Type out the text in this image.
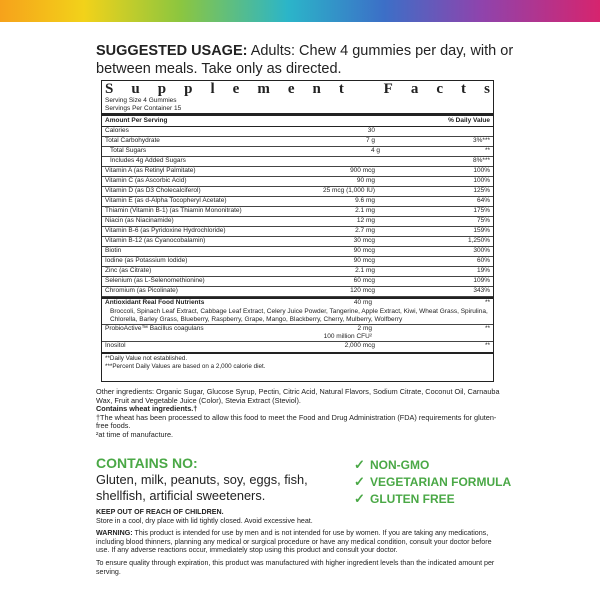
SUGGESTED USAGE: Adults: Chew 4 gummies per day, with or between meals. Take only as directed.
S u p p l e m e n t
	F a c t s
Serving Size 4 Gummies
Servings Per Container 15
Amount Per Serving	% Daily Value
Calories	30
Total Carbohydrate	7 g	3%***
Total Sugars	4 g	**
Includes 4g Added Sugars	8%***
Vitamin A (as Retinyl Palmitate)	900 mcg	100%
Vitamin C (as Ascorbic Acid)	90 mg	100%
Vitamin D (as D3 Cholecalciferol)	25 mcg (1,000 IU)	125%
Vitamin E (as d-Alpha Tocopheryl Acetate)	9.6 mg	64%
Thiamin (Vitamin B-1) (as Thiamin Mononitrate)	2.1 mg	175%
Niacin (as Niacinamide)	12 mg	75%
Vitamin B-6 (as Pyridoxine Hydrochloride)	2.7 mg	159%
Vitamin B-12 (as Cyanocobalamin)	30 mcg	1,250%
Biotin	90 mcg	300%
Iodine (as Potassium Iodide)	90 mcg	60%
Zinc (as Citrate)	2.1 mg	19%
Selenium (as L-Selenomethionine)	60 mcg	109%
Chromium (as Picolinate)	120 mcg	343%
Antioxidant Real Food Nutrients	40 mg	**
Broccoli, Spinach Leaf Extract, Cabbage Leaf Extract, Celery Juice Powder, Tangerine, Apple Extract, Kiwi, Wheat Grass, Spirulina, Chlorella, Barley Grass, Blueberry, Raspberry, Grape, Mango, Blackberry, Cherry, Mulberry, Wolfberry
ProbioActive™ Bacillus coagulans	2 mg	**
100 million CFU²
Inositol	2,000 mcg	**
**Daily Value not established.
***Percent Daily Values are based on a 2,000 calorie diet.
Other ingredients: Organic Sugar, Glucose Syrup, Pectin, Citric Acid, Natural Flavors, Sodium Citrate, Coconut Oil, Carnauba Wax, Fruit and Vegetable Juice (Color), Stevia Extract (Steviol).
Contains wheat ingredients.†
†The wheat has been processed to allow this food to meet the Food and Drug Administration (FDA) requirements for gluten-free foods.
²at time of manufacture.
CONTAINS NO:
Gluten, milk, peanuts, soy, eggs, fish, shellfish, artificial sweeteners.
✓ NON-GMO
✓ VEGETARIAN FORMULA
✓ GLUTEN FREE

KEEP OUT OF REACH OF CHILDREN.

Store in a cool, dry place with lid tightly closed. Avoid excessive heat.

WARNING: This product is intended for use by men and is not intended for use by women. If you are taking any medications, including blood thinners, planning any medical or surgical procedure or have any medical condition, consult your doctor before use. If any adverse reactions occur, immediately stop using this product and consult your doctor.

To ensure quality through expiration, this product was manufactured with higher ingredient levels than the indicated amount per serving.
